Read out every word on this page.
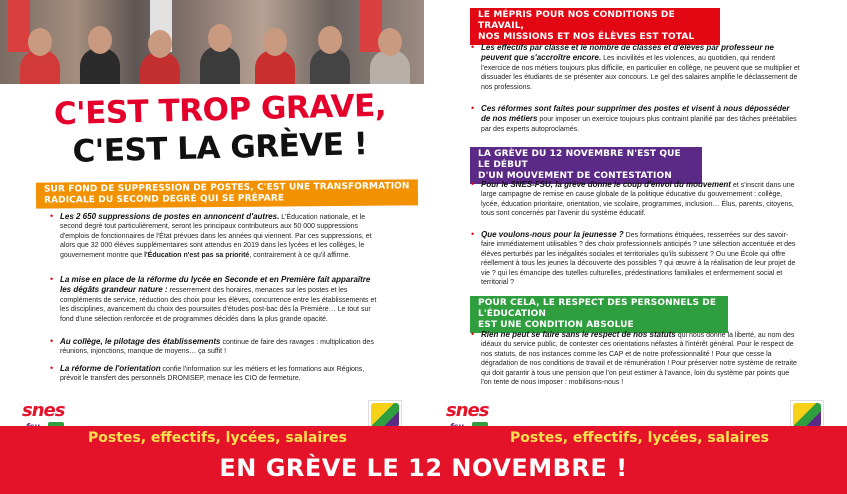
C'EST TROP GRAVE,
C'EST LA GRÈVE !
SUR FOND DE SUPPRESSION DE POSTES, C'EST UNE TRANSFORMATION
RADICALE DU SECOND DEGRÉ QUI SE PRÉPARE
• Les 2 650 suppressions de postes en annoncent d'autres. L'Éducation nationale, et le second degré tout particulièrement, seront les principaux contributeurs aux 50 000 suppressions d'emplois de fonctionnaires de l'État prévues dans les années qui viennent. Par ces suppressions, et alors que 32 000 élèves supplémentaires sont attendus en 2019 dans les lycées et les collèges, le gouvernement montre que l'Éducation n'est pas sa priorité, contrairement à ce qu'il affirme.
• La mise en place de la réforme du lycée en Seconde et en Première fait apparaître les dégâts grandeur nature : resserrement des horaires, menaces sur les postes et les compléments de service, réduction des choix pour les élèves, concurrence entre les établissements et les disciplines, avancement du choix des poursuites d'études post-bac dès la Première… Le tout sur fond d'une sélection renforcée et de programmes décidés dans la plus grande opacité.
• Au collège, le pilotage des établissements continue de faire des ravages : multiplication des réunions, injonctions, manque de moyens… ça suffit !
• La réforme de l'orientation confie l'information sur les métiers et les formations aux Régions, prévoit le transfert des personnels DRONISEP, menace les CIO de fermeture.
LE MÉPRIS POUR NOS CONDITIONS DE TRAVAIL,
NOS MISSIONS ET NOS ÉLÈVES EST TOTAL
• Les effectifs par classe et le nombre de classes et d'élèves par professeur ne peuvent que s'accroître encore. Les incivilités et les violences, au quotidien, qui rendent l'exercice de nos métiers toujours plus difficile, en particulier en collège, ne peuvent que se multiplier et dissuader les étudiants de se présenter aux concours. Le gel des salaires amplifie le déclassement de nos professions.
• Ces réformes sont faites pour supprimer des postes et visent à nous déposséder de nos métiers pour imposer un exercice toujours plus contraint planifié par des tâches préétablies par des experts autoproclamés.
LA GRÈVE DU 12 NOVEMBRE N'EST QUE LE DÉBUT
D'UN MOUVEMENT DE CONTESTATION
• Pour le SNES-FSU, la grève donne le coup d'envoi du mouvement et s'inscrit dans une large campagne de remise en cause globale de la politique éducative du gouvernement : collège, lycée, éducation prioritaire, orientation, vie scolaire, programmes, inclusion… Élus, parents, citoyens, tous sont concernés par l'avenir du système éducatif.
• Que voulons-nous pour la jeunesse ? Des formations étriquées, resserrées sur des savoir-faire immédiatement utilisables ? des choix professionnels anticipés ? une sélection accentuée et des élèves perturbés par les inégalités sociales et territoriales qu'ils subissent ? Ou une École qui offre réellement à tous les jeunes la découverte des possibles ? qui œuvre à la réalisation de leur projet de vie ? qui les émancipe des tutelles culturelles, prédestinations familiales et enfermement social et territorial ?
POUR CELA, LE RESPECT DES PERSONNELS DE L'ÉDUCATION
EST UNE CONDITION ABSOLUE
• Rien ne peut se faire sans le respect de nos statuts qui nous donne la liberté, au nom des idéaux du service public, de contester ces orientations néfastes à l'intérêt général. Pour le respect de nos statuts, de nos instances comme les CAP et de notre professionnalité ! Pour que cesse la dégradation de nos conditions de travail et de rémunération ! Pour préserver notre système de retraite qui doit garantir à tous une pension que l'on peut estimer à l'avance, loin du système par points que l'on tente de nous imposer : mobilisons-nous !
snes	snes
Postes, effectifs, lycées, salaires	Postes, effectifs, lycées, salaires
EN GRÈVE LE 12 NOVEMBRE !
